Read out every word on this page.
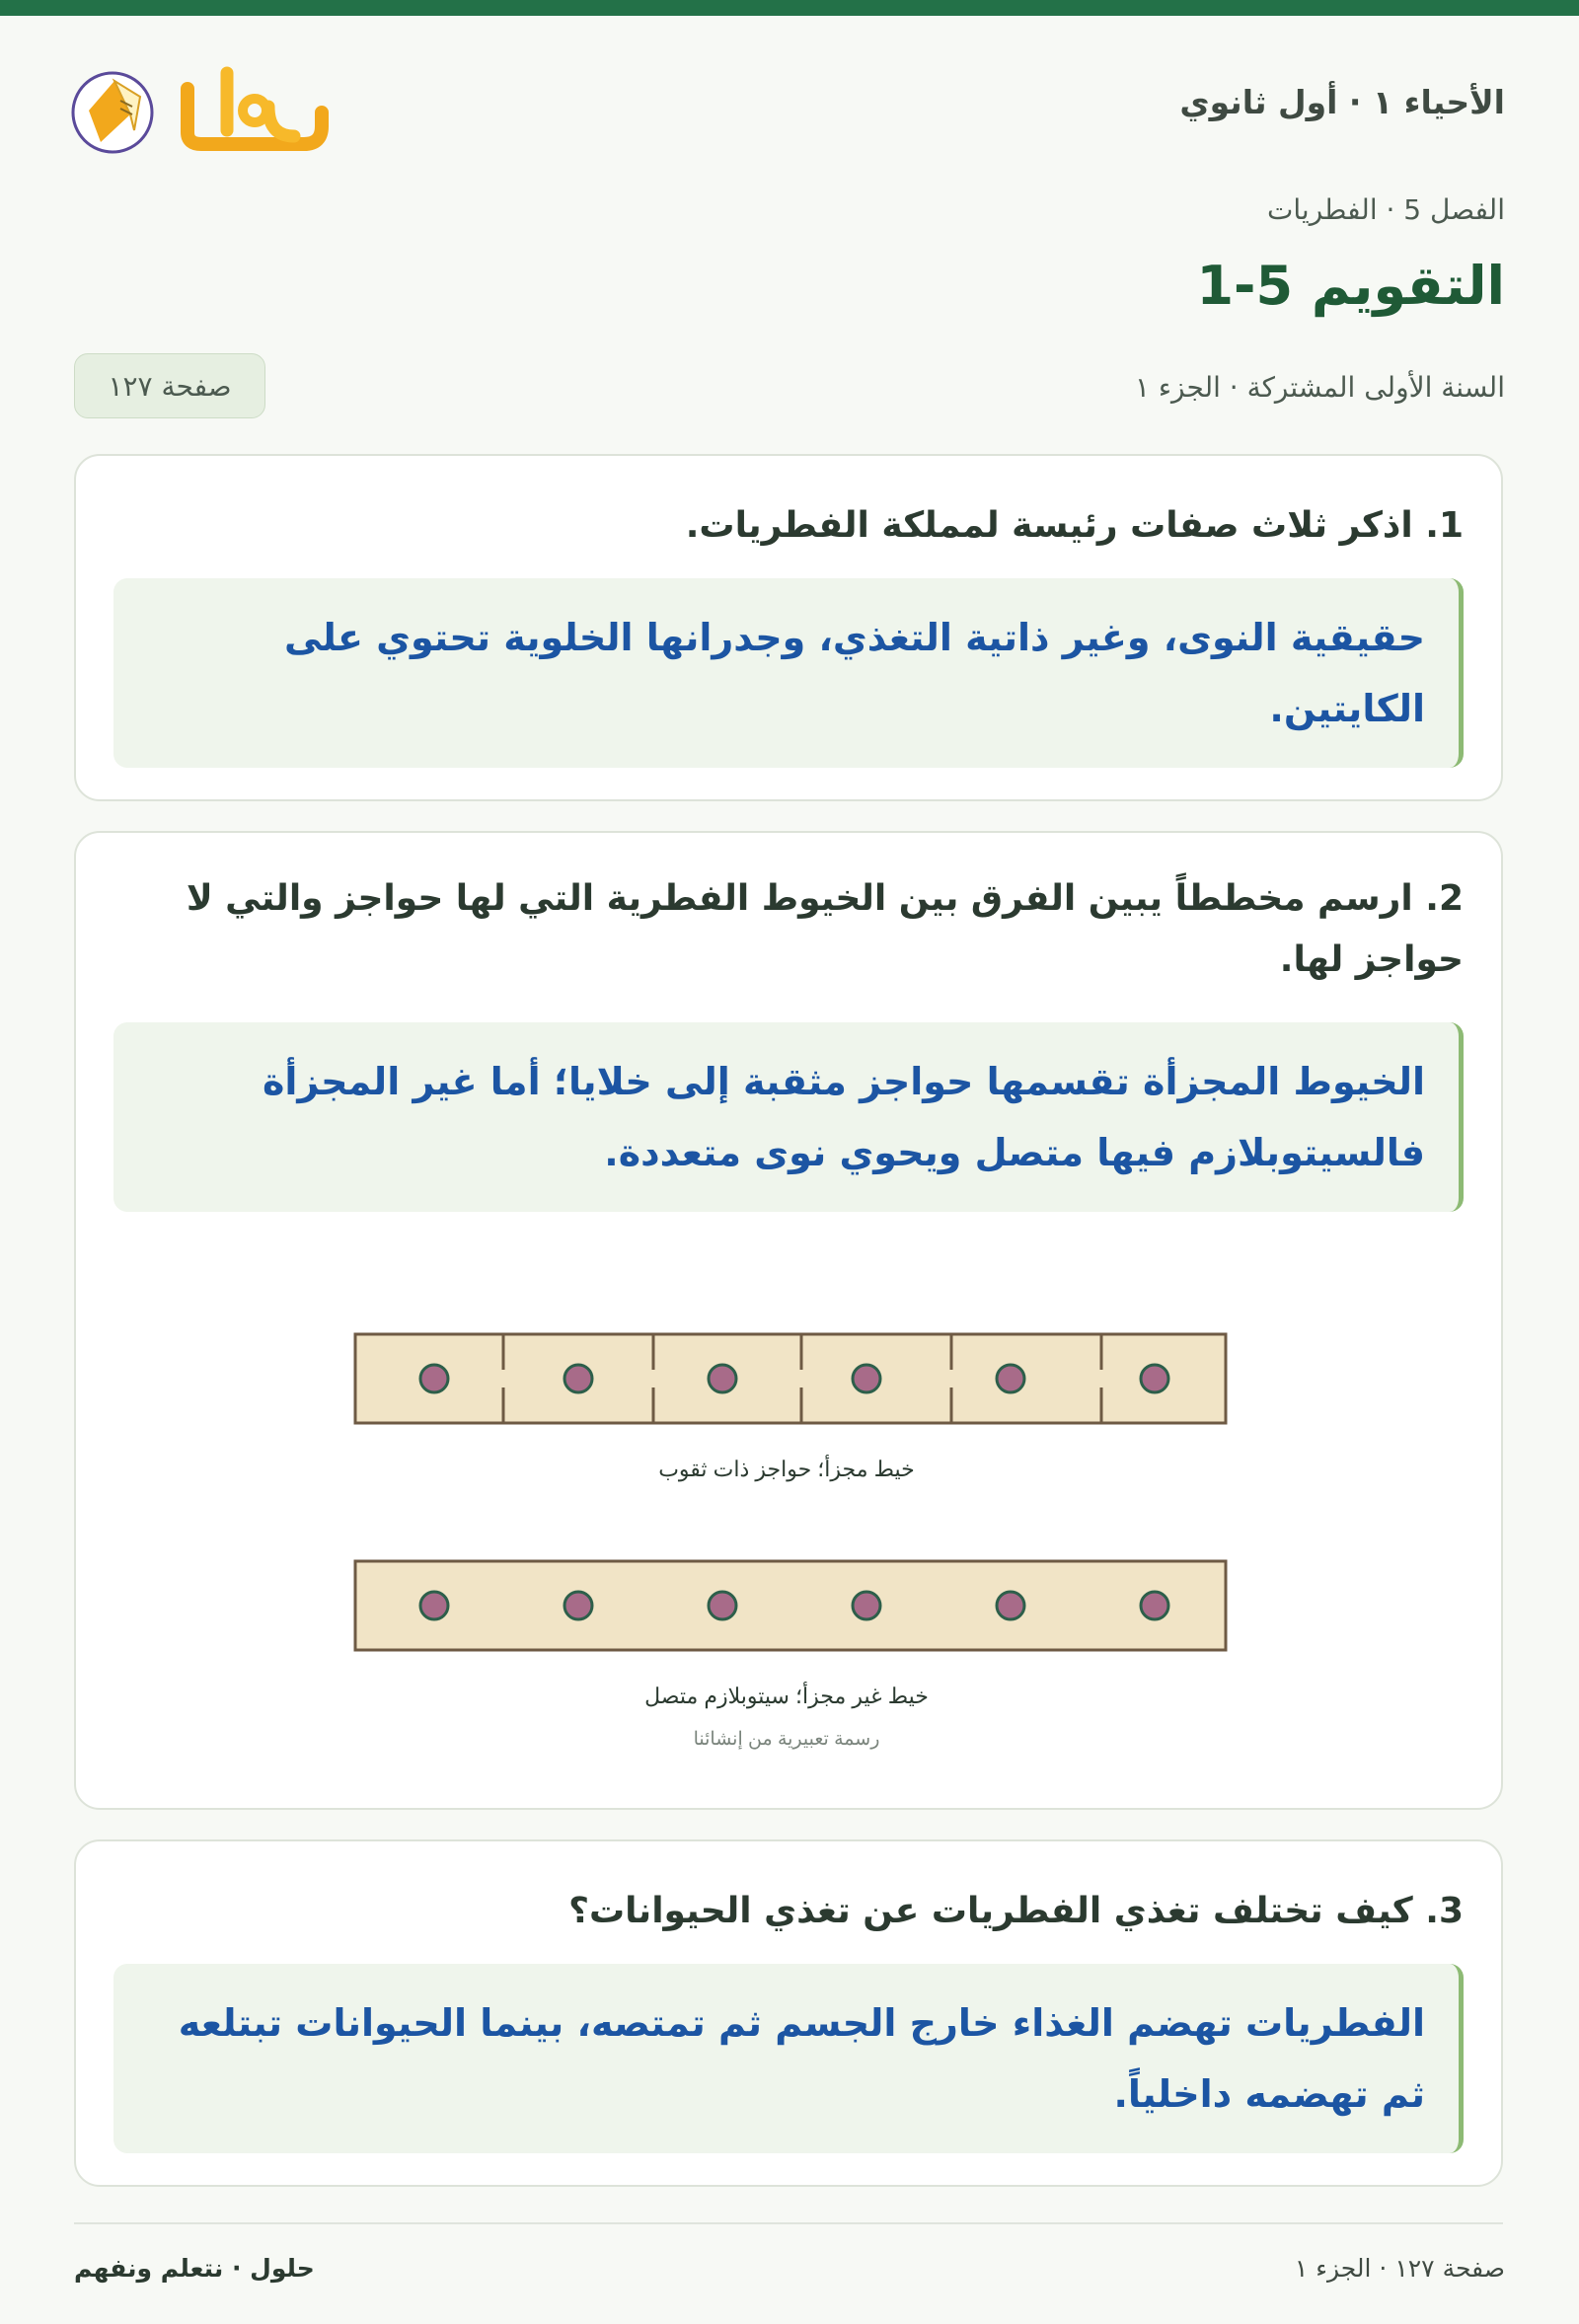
الأحياء ١ · أول ثانوي
حلول
الفصل 5 · الفطريات
التقويم 5-1
السنة الأولى المشتركة · الجزء ١
صفحة ١٢٧

1. اذكر ثلاث صفات رئيسة لمملكة الفطريات.

حقيقية النوى، وغير ذاتية التغذي، وجدرانها الخلوية تحتوي على الكايتين.

2. ارسم مخططاً يبين الفرق بين الخيوط الفطرية التي لها حواجز والتي لا حواجز لها.

الخيوط المجزأة تقسمها حواجز مثقبة إلى خلايا؛ أما غير المجزأة فالسيتوبلازم فيها متصل ويحوي نوى متعددة.
خيط مجزأ؛ حواجز ذات ثقوب
خيط غير مجزأ؛ سيتوبلازم متصل
رسمة تعبيرية من إنشائنا

3. كيف تختلف تغذي الفطريات عن تغذي الحيوانات؟

الفطريات تهضم الغذاء خارج الجسم ثم تمتصه، بينما الحيوانات تبتلعه ثم تهضمه داخلياً.
حلول · نتعلم ونفهم	صفحة ١٢٧ · الجزء ١
